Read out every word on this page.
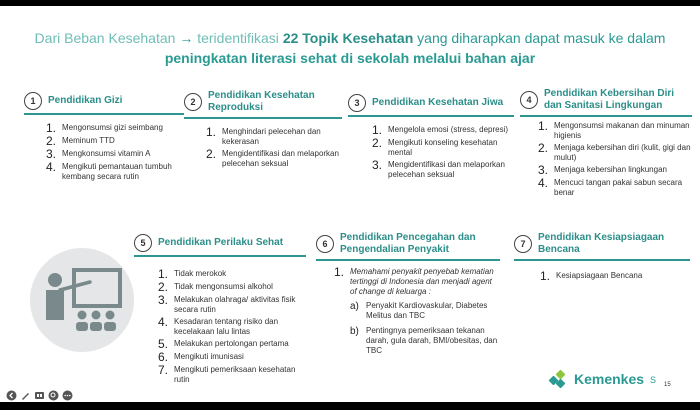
Dari Beban Kesehatan → teridentifikasi 22 Topik Kesehatan yang diharapkan dapat masuk ke dalam
peningkatan literasi sehat di sekolah melalui bahan ajar
1	Pendidikan Gizi
1. Mengonsumsi gizi seimbang
2. Meminum TTD
3. Mengkonsumsi vitamin A
4. Mengikuti pemantauan tumbuh kembang secara rutin
2
Pendidikan Kesehatan Reproduksi
1. Menghindari pelecehan dan kekerasan
2. Mengidentifikasi dan melaporkan pelecehan seksual
3	Pendidikan Kesehatan Jiwa
1. Mengelola emosi (stress, depresi)
2. Mengikuti konseling kesehatan mental
3. Mengidentifikasi dan melaporkan pelecehan seksual
4
Pendidikan Kebersihan Diri dan Sanitasi Lingkungan
1. Mengonsumsi makanan dan minuman higienis
2. Menjaga kebersihan diri (kulit, gigi dan mulut)
3. Menjaga kebersihan lingkungan
4. Mencuci tangan pakai sabun secara benar
5	Pendidikan Perilaku Sehat
1. Tidak merokok
2. Tidak mengonsumsi alkohol
3. Melakukan olahraga/ aktivitas fisik secara rutin
4. Kesadaran tentang risiko dan kecelakaan lalu lintas
5. Melakukan pertolongan pertama
6. Mengikuti imunisasi
7. Mengikuti pemeriksaan kesehatan rutin
6
Pendidikan Pencegahan dan Pengendalian Penyakit
1. Memahami penyakit penyebab kematian tertinggi di Indonesia dan menjadi agent of change di keluarga :
a) Penyakit Kardiovaskular, Diabetes Melitus dan TBC
b) Pentingnya pemeriksaan tekanan darah, gula darah, BMI/obesitas, dan TBC
7
Pendidikan Kesiapsiagaan Bencana
1. Kesiapsiagaan Bencana
Kemenkes S 15
